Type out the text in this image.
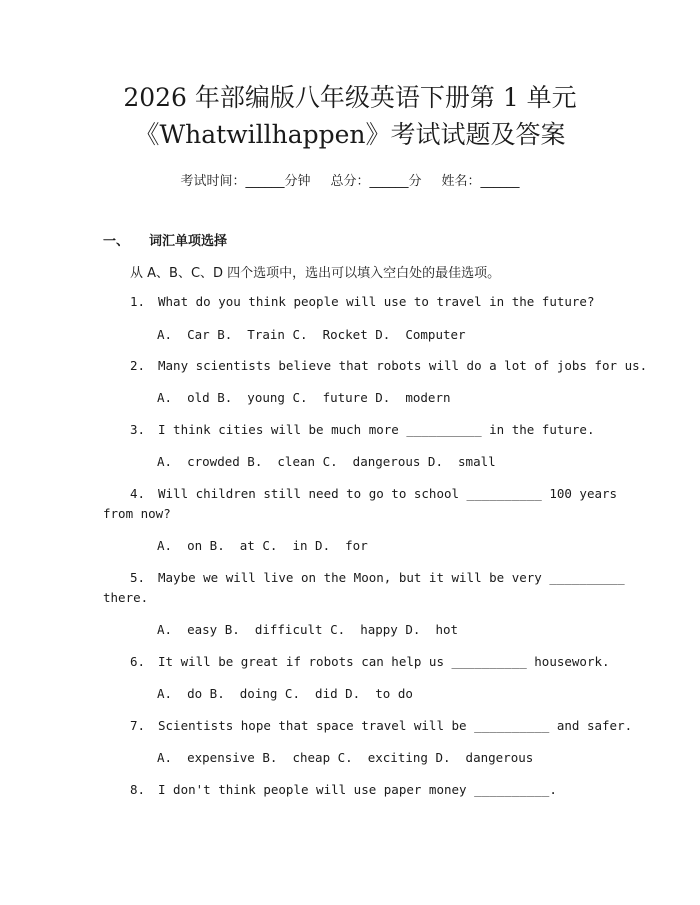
2026 年部编版八年级英语下册第 1 单元
《Whatwillhappen》考试试题及答案
考试时间：______分钟 总分：______分 姓名：______
一、 词汇单项选择
从 A、B、C、D 四个选项中，选出可以填入空白处的最佳选项。
1. What do you think people will use to travel in the future?
A.  Car B.  Train C.  Rocket D.  Computer
2. Many scientists believe that robots will do a lot of jobs for us.
A.  old B.  young C.  future D.  modern
3. I think cities will be much more __________ in the future.
A.  crowded B.  clean C.  dangerous D.  small
4. Will children still need to go to school __________ 100 years
from now?
A.  on B.  at C.  in D.  for
5. Maybe we will live on the Moon, but it will be very __________
there.
A.  easy B.  difficult C.  happy D.  hot
6. It will be great if robots can help us __________ housework.
A.  do B.  doing C.  did D.  to do
7. Scientists hope that space travel will be __________ and safer.
A.  expensive B.  cheap C.  exciting D.  dangerous
8. I don't think people will use paper money __________.
